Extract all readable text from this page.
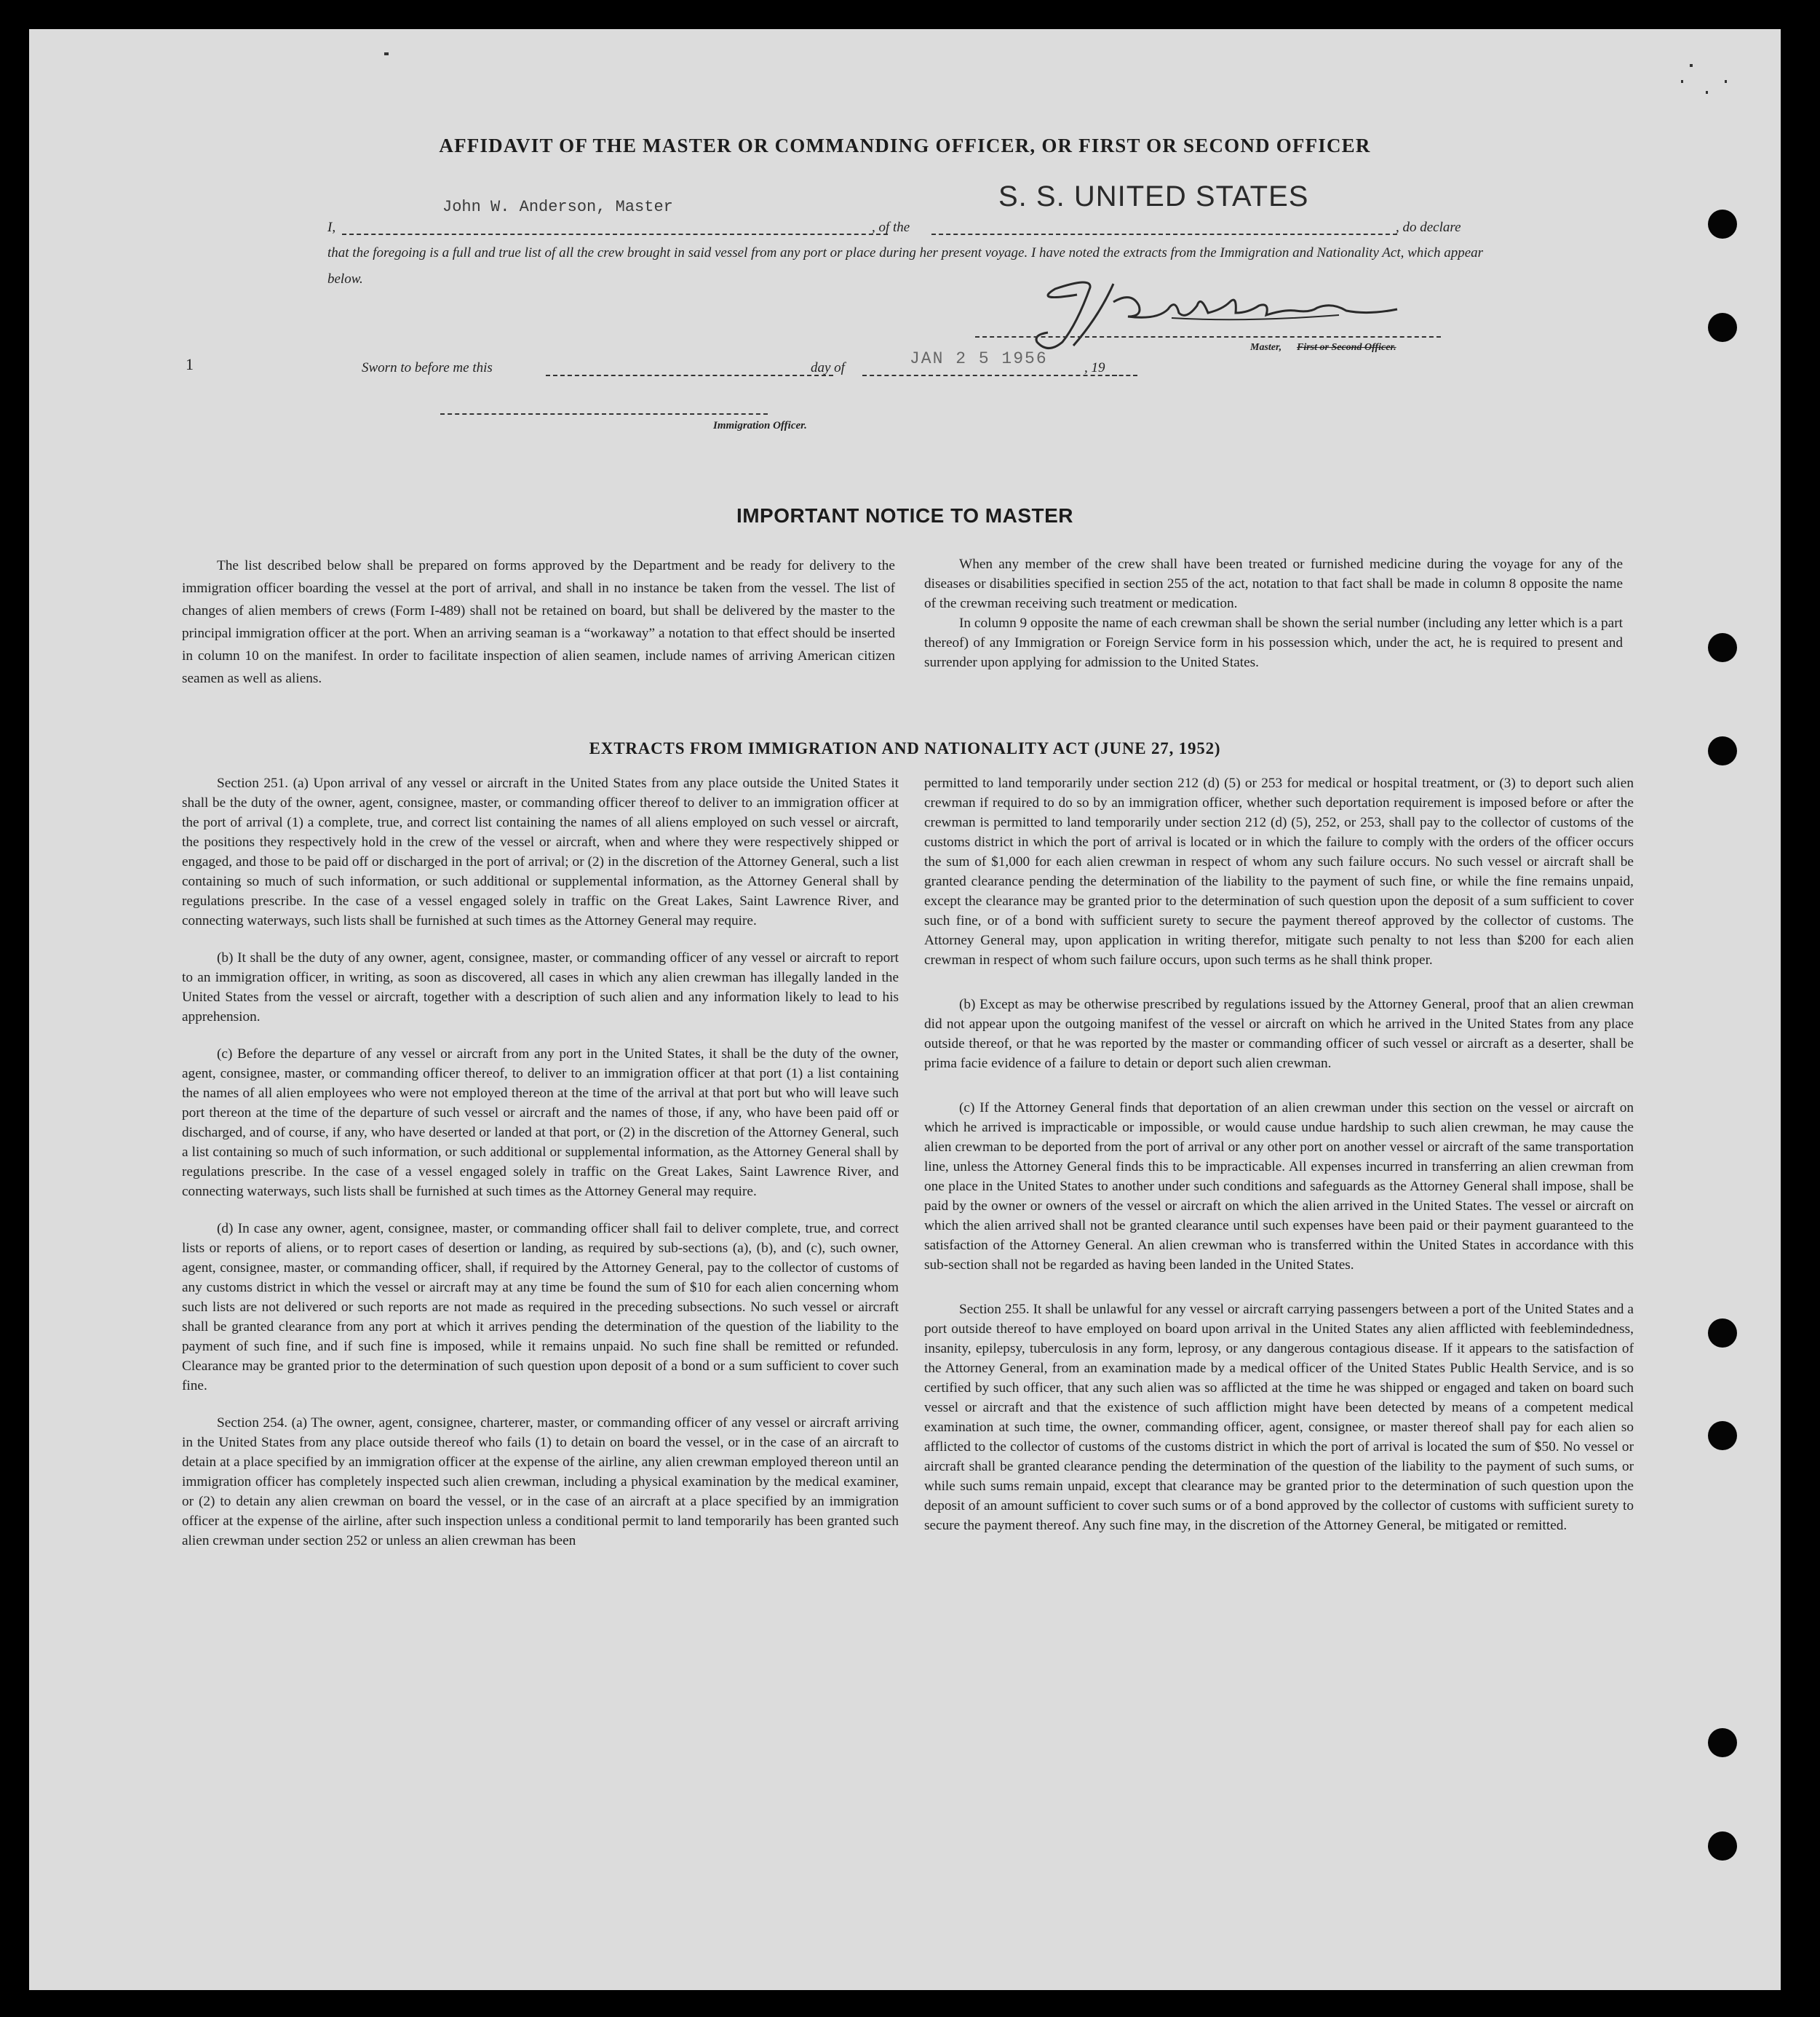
AFFIDAVIT OF THE MASTER OR COMMANDING OFFICER, OR FIRST OR SECOND OFFICER
I,
John W. Anderson, Master
, of the
S. S. UNITED STATES
, do declare
that the foregoing is a full and true list of all the crew brought in said vessel from any port or place during her present voyage. I have noted the extracts from the Immigration and Nationality Act, which appear below.
Master, First or Second Officer.
1	Sworn to before me this	day of	JAN 2 5 1956	, 19
Immigration Officer.
IMPORTANT NOTICE TO MASTER

The list described below shall be prepared on forms approved by the Department and be ready for delivery to the immigration officer boarding the vessel at the port of arrival, and shall in no instance be taken from the vessel. The list of changes of alien members of crews (Form I-489) shall not be retained on board, but shall be delivered by the master to the principal immigration officer at the port. When an arriving seaman is a “workaway” a notation to that effect should be inserted in column 10 on the manifest. In order to facilitate inspection of alien seamen, include names of arriving American citizen seamen as well as aliens.

When any member of the crew shall have been treated or furnished medicine during the voyage for any of the diseases or disabilities specified in section 255 of the act, notation to that fact shall be made in column 8 opposite the name of the crewman receiving such treatment or medication.

In column 9 opposite the name of each crewman shall be shown the serial number (including any letter which is a part thereof) of any Immigration or Foreign Service form in his possession which, under the act, he is required to present and surrender upon applying for admission to the United States.

EXTRACTS FROM IMMIGRATION AND NATIONALITY ACT (JUNE 27, 1952)

Section 251. (a) Upon arrival of any vessel or aircraft in the United States from any place outside the United States it shall be the duty of the owner, agent, consignee, master, or commanding officer thereof to deliver to an immigration officer at the port of arrival (1) a complete, true, and correct list containing the names of all aliens employed on such vessel or aircraft, the positions they respectively hold in the crew of the vessel or aircraft, when and where they were respectively shipped or engaged, and those to be paid off or discharged in the port of arrival; or (2) in the discretion of the Attorney General, such a list containing so much of such information, or such additional or supplemental information, as the Attorney General shall by regulations prescribe. In the case of a vessel engaged solely in traffic on the Great Lakes, Saint Lawrence River, and connecting waterways, such lists shall be furnished at such times as the Attorney General may require.

(b) It shall be the duty of any owner, agent, consignee, master, or commanding officer of any vessel or aircraft to report to an immigration officer, in writing, as soon as discovered, all cases in which any alien crewman has illegally landed in the United States from the vessel or aircraft, together with a description of such alien and any information likely to lead to his apprehension.

(c) Before the departure of any vessel or aircraft from any port in the United States, it shall be the duty of the owner, agent, consignee, master, or commanding officer thereof, to deliver to an immigration officer at that port (1) a list containing the names of all alien employees who were not employed thereon at the time of the arrival at that port but who will leave such port thereon at the time of the departure of such vessel or aircraft and the names of those, if any, who have been paid off or discharged, and of course, if any, who have deserted or landed at that port, or (2) in the discretion of the Attorney General, such a list containing so much of such information, or such additional or supplemental information, as the Attorney General shall by regulations prescribe. In the case of a vessel engaged solely in traffic on the Great Lakes, Saint Lawrence River, and connecting waterways, such lists shall be furnished at such times as the Attorney General may require.

(d) In case any owner, agent, consignee, master, or commanding officer shall fail to deliver complete, true, and correct lists or reports of aliens, or to report cases of desertion or landing, as required by sub-sections (a), (b), and (c), such owner, agent, consignee, master, or commanding officer, shall, if required by the Attorney General, pay to the collector of customs of any customs district in which the vessel or aircraft may at any time be found the sum of $10 for each alien concerning whom such lists are not delivered or such reports are not made as required in the preceding subsections. No such vessel or aircraft shall be granted clearance from any port at which it arrives pending the determination of the question of the liability to the payment of such fine, and if such fine is imposed, while it remains unpaid. No such fine shall be remitted or refunded. Clearance may be granted prior to the determination of such question upon deposit of a bond or a sum sufficient to cover such fine.

Section 254. (a) The owner, agent, consignee, charterer, master, or commanding officer of any vessel or aircraft arriving in the United States from any place outside thereof who fails (1) to detain on board the vessel, or in the case of an aircraft to detain at a place specified by an immigration officer at the expense of the airline, any alien crewman employed thereon until an immigration officer has completely inspected such alien crewman, including a physical examination by the medical examiner, or (2) to detain any alien crewman on board the vessel, or in the case of an aircraft at a place specified by an immigration officer at the expense of the airline, after such inspection unless a conditional permit to land temporarily has been granted such alien crewman under section 252 or unless an alien crewman has been

permitted to land temporarily under section 212 (d) (5) or 253 for medical or hospital treatment, or (3) to deport such alien crewman if required to do so by an immigration officer, whether such deportation requirement is imposed before or after the crewman is permitted to land temporarily under section 212 (d) (5), 252, or 253, shall pay to the collector of customs of the customs district in which the port of arrival is located or in which the failure to comply with the orders of the officer occurs the sum of $1,000 for each alien crewman in respect of whom any such failure occurs. No such vessel or aircraft shall be granted clearance pending the determination of the liability to the payment of such fine, or while the fine remains unpaid, except the clearance may be granted prior to the determination of such question upon the deposit of a sum sufficient to cover such fine, or of a bond with sufficient surety to secure the payment thereof approved by the collector of customs. The Attorney General may, upon application in writing therefor, mitigate such penalty to not less than $200 for each alien crewman in respect of whom such failure occurs, upon such terms as he shall think proper.

(b) Except as may be otherwise prescribed by regulations issued by the Attorney General, proof that an alien crewman did not appear upon the outgoing manifest of the vessel or aircraft on which he arrived in the United States from any place outside thereof, or that he was reported by the master or commanding officer of such vessel or aircraft as a deserter, shall be prima facie evidence of a failure to detain or deport such alien crewman.

(c) If the Attorney General finds that deportation of an alien crewman under this section on the vessel or aircraft on which he arrived is impracticable or impossible, or would cause undue hardship to such alien crewman, he may cause the alien crewman to be deported from the port of arrival or any other port on another vessel or aircraft of the same transportation line, unless the Attorney General finds this to be impracticable. All expenses incurred in transferring an alien crewman from one place in the United States to another under such conditions and safeguards as the Attorney General shall impose, shall be paid by the owner or owners of the vessel or aircraft on which the alien arrived in the United States. The vessel or aircraft on which the alien arrived shall not be granted clearance until such expenses have been paid or their payment guaranteed to the satisfaction of the Attorney General. An alien crewman who is transferred within the United States in accordance with this sub-section shall not be regarded as having been landed in the United States.

Section 255. It shall be unlawful for any vessel or aircraft carrying passengers between a port of the United States and a port outside thereof to have employed on board upon arrival in the United States any alien afflicted with feeblemindedness, insanity, epilepsy, tuberculosis in any form, leprosy, or any dangerous contagious disease. If it appears to the satisfaction of the Attorney General, from an examination made by a medical officer of the United States Public Health Service, and is so certified by such officer, that any such alien was so afflicted at the time he was shipped or engaged and taken on board such vessel or aircraft and that the existence of such affliction might have been detected by means of a competent medical examination at such time, the owner, commanding officer, agent, consignee, or master thereof shall pay for each alien so afflicted to the collector of customs of the customs district in which the port of arrival is located the sum of $50. No vessel or aircraft shall be granted clearance pending the determination of the question of the liability to the payment of such sums, or while such sums remain unpaid, except that clearance may be granted prior to the determination of such question upon the deposit of an amount sufficient to cover such sums or of a bond approved by the collector of customs with sufficient surety to secure the payment thereof. Any such fine may, in the discretion of the Attorney General, be mitigated or remitted.
